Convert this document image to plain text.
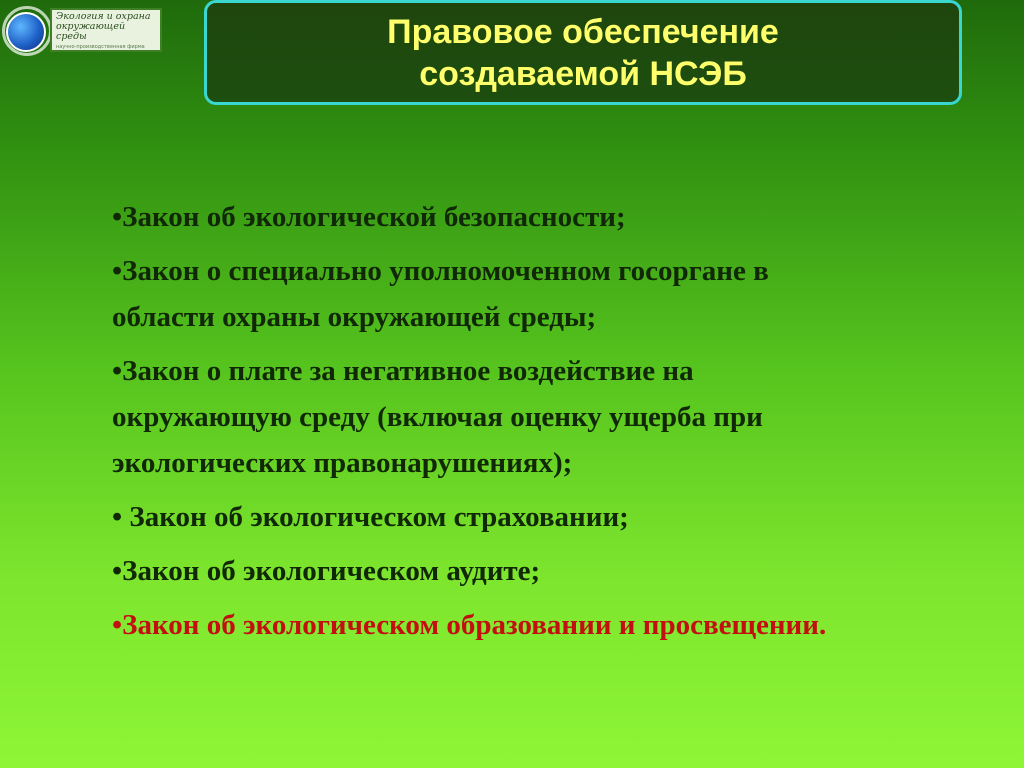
Экология и охрана
окружающей среды
научно-производственная фирма	Правовое обеспечение
создаваемой НСЭБ

•Закон об экологической безопасности;

•Закон о специально уполномоченном госоргане в
области охраны окружающей среды;

•Закон о плате за негативное воздействие на
окружающую среду (включая оценку ущерба при
экологических правонарушениях);

• Закон об экологическом страховании;

•Закон об экологическом аудите;

•Закон об экологическом образовании и просвещении.
